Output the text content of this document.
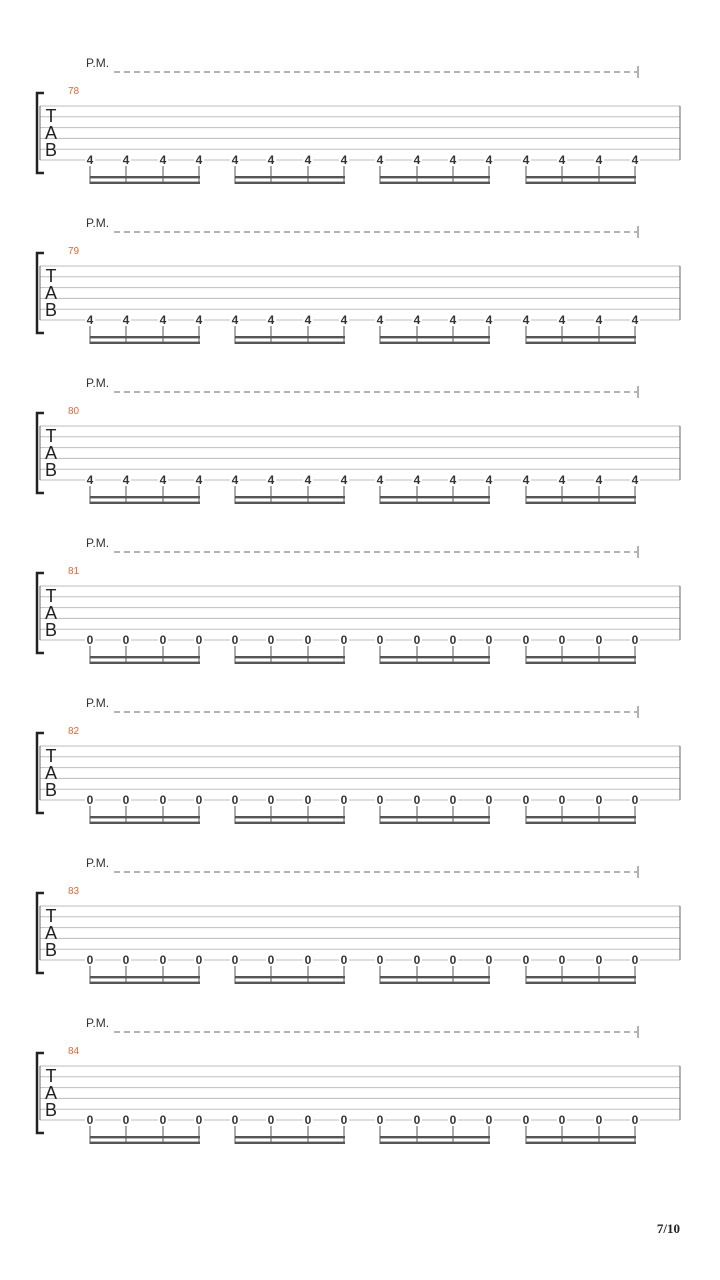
P.M.
78
T
A
B 4 4	4 4 4 4	4 4 4	4 4 4	4 4	4 4
P.M.
79
T
A
B 4 4	4 4 4 4	4 4 4	4 4 4	4 4	4 4
P.M.
80
T
A
B 4 4	4 4 4 4	4 4 4	4 4 4	4 4	4 4
P.M.
81
T
A
B 0 0	0 0 0 0	0 0 0	0 0 0	0 0	0 0
P.M.
82
T
A
B 0 0	0 0 0 0	0 0 0	0 0 0	0 0	0 0
P.M.
83
T
A
B 0 0	0 0 0 0	0 0 0	0 0 0	0 0	0 0
P.M.
84
T
A
B 0 0	0 0 0 0	0 0 0	0 0 0	0 0	0 0
7/10
